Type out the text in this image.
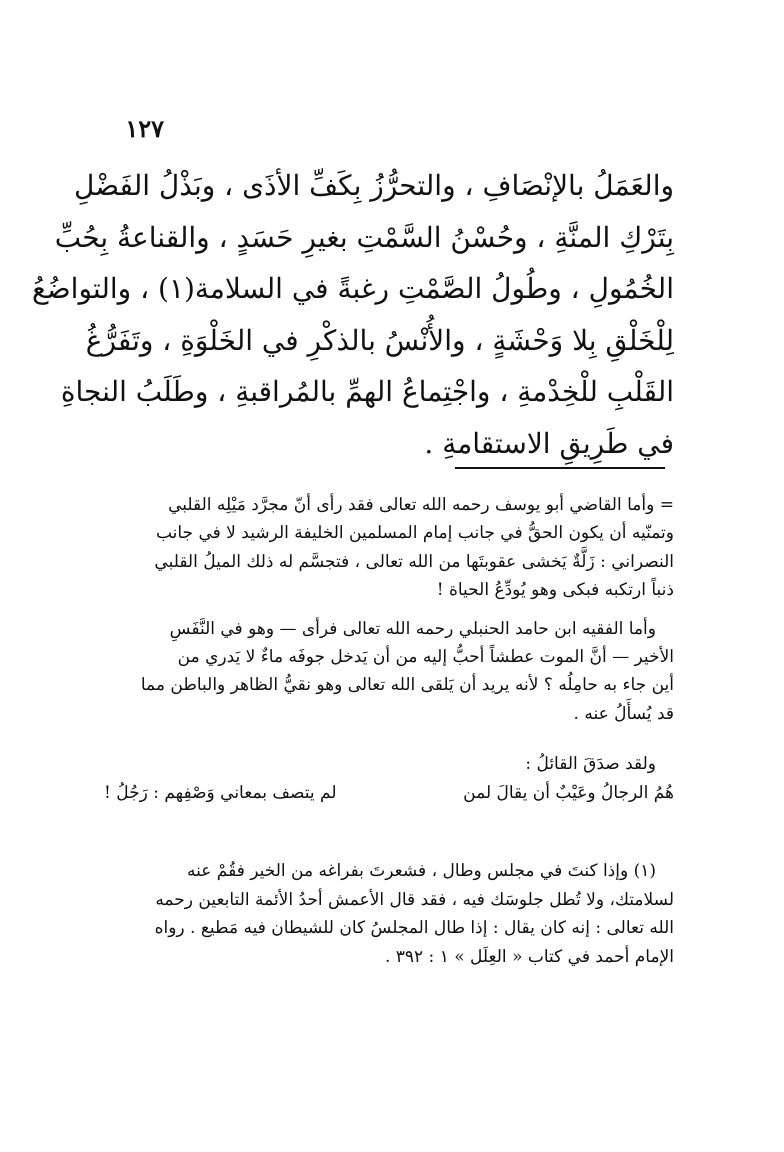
١٢٧
والعَمَلُ بالإنْصَافِ ، والتحرُّزُ بِكَفِّ الأذَى ، وبَذْلُ الفَضْلِ
بِتَرْكِ المنَّةِ ، وحُسْنُ السَّمْتِ بغيرِ حَسَدٍ ، والقناعةُ بِحُبِّ
الخُمُولِ ، وطُولُ الصَّمْتِ رغبةً في السلامة(١) ، والتواضُعُ
لِلْخَلْقِ بِلا وَحْشَةٍ ، والأُنْسُ بالذكْرِ في الخَلْوَةِ ، وتَفَرُّغُ
القَلْبِ للْخِدْمةِ ، واجْتِماعُ الهمِّ بالمُراقبةِ ، وطَلَبُ النجاةِ
في طَرِيقِ الاستقامةِ .
= وأما القاضي أبو يوسف رحمه الله تعالى فقد رأى أنّ مجرَّد مَيْلِه القلبي
وتمنّيه أن يكون الحقُّ في جانب إمام المسلمين الخليفة الرشيد لا في جانب
النصراني : زَلَّةٌ يَخشى عقوبتَها من الله تعالى ، فتجسَّم له ذلك الميلُ القلبي
ذنباً ارتكبه فبكى وهو يُودِّعُ الحياة !
وأما الفقيه ابن حامد الحنبلي رحمه الله تعالى فرأى — وهو في النَّفَسِ
الأخير — أنَّ الموت عطشاً أحبُّ إليه من أن يَدخل جوفَه ماءٌ لا يَدري من
أين جاء به حامِلُه ؟ لأنه يريد أن يَلقى الله تعالى وهو نقيُّ الظاهر والباطن مما
قد يُسأَلُ عنه .
ولقد صدَقَ القائلُ :
هُمُ الرجالُ وعَيْبٌ أن يقالَ لمن
لم يتصف بمعاني وَصْفِهم : رَجُلُ !
(١) وإذا كنتَ في مجلس وطال ، فشعرتَ بفراغه من الخير فقُمْ عنه
لسلامتك، ولا تُطل جلوسَك فيه ، فقد قال الأعمش أحدُ الأئمة التابعين رحمه
الله تعالى : إنه كان يقال : إذا طال المجلسُ كان للشيطان فيه مَطيع . رواه
الإمام أحمد في كتاب « العِلَل » ١ : ٣٩٢ .
